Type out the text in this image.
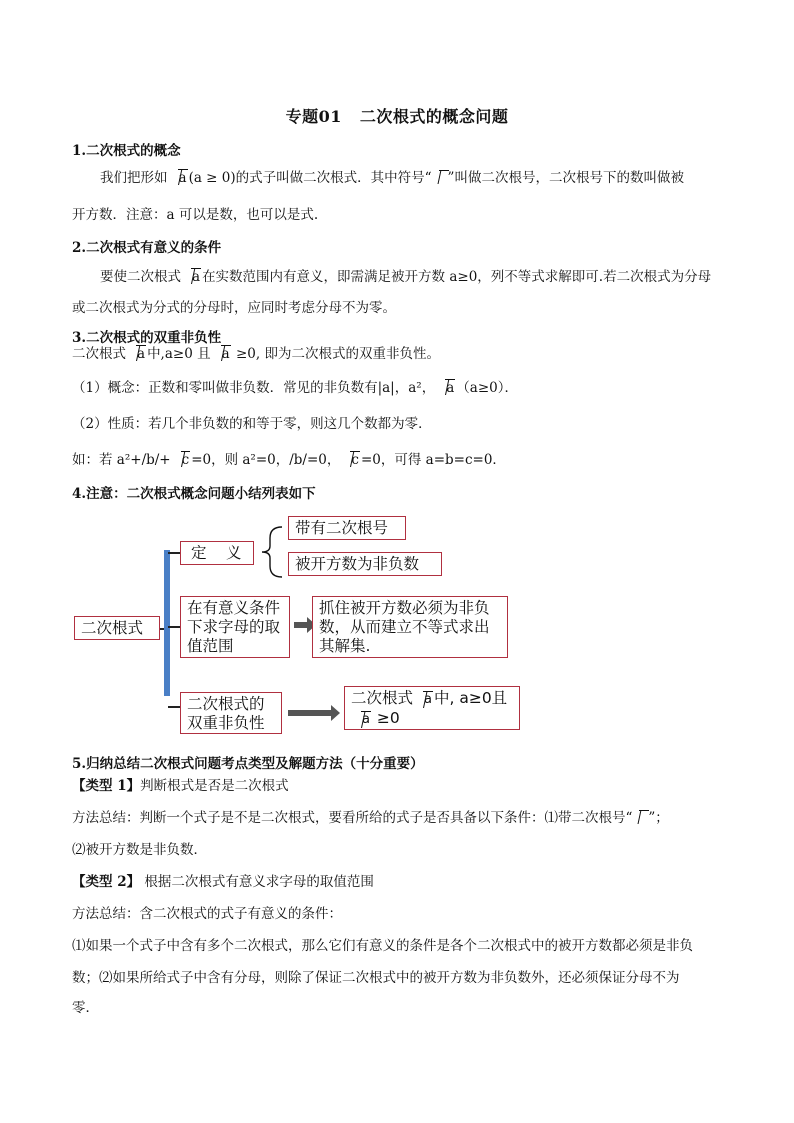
专题01 二次根式的概念问题
1.二次根式的概念
我们把形如 a (a ≥ 0)的式子叫做二次根式．其中符号“ ”叫做二次根号，二次根号下的数叫做被
开方数．注意：a 可以是数，也可以是式.
2.二次根式有意义的条件
要使二次根式 a 在实数范围内有意义，即需满足被开方数 a≥0，列不等式求解即可.若二次根式为分母
或二次根式为分式的分母时，应同时考虑分母不为零。
3.二次根式的双重非负性
二次根式 a 中,a≥0 且 a ≥0, 即为二次根式的双重非负性。
（1）概念：正数和零叫做非负数．常见的非负数有|a|，a²， a （a≥0）．
（2）性质：若几个非负数的和等于零，则这几个数都为零．
如：若 a²+/b/+ c =0，则 a²=0，/b/=0， c =0，可得 a=b=c=0．
4.注意：二次根式概念问题小结列表如下
二次根式
定　义
带有二次根号
被开方数为非负数
在有意义条件下求字母的取值范围
抓住被开方数必须为非负数，从而建立不等式求出其解集.
二次根式的双重非负性
二次根式 a 中, a≥0且
a ≥0
5.归纳总结二次根式问题考点类型及解题方法（十分重要）
【类型 1】判断根式是否是二次根式
方法总结：判断一个式子是不是二次根式，要看所给的式子是否具备以下条件：⑴带二次根号“ ”；
⑵被开方数是非负数．
【类型 2】 根据二次根式有意义求字母的取值范围
方法总结：含二次根式的式子有意义的条件：
⑴如果一个式子中含有多个二次根式，那么它们有意义的条件是各个二次根式中的被开方数都必须是非负
数；⑵如果所给式子中含有分母，则除了保证二次根式中的被开方数为非负数外，还必须保证分母不为
零．
